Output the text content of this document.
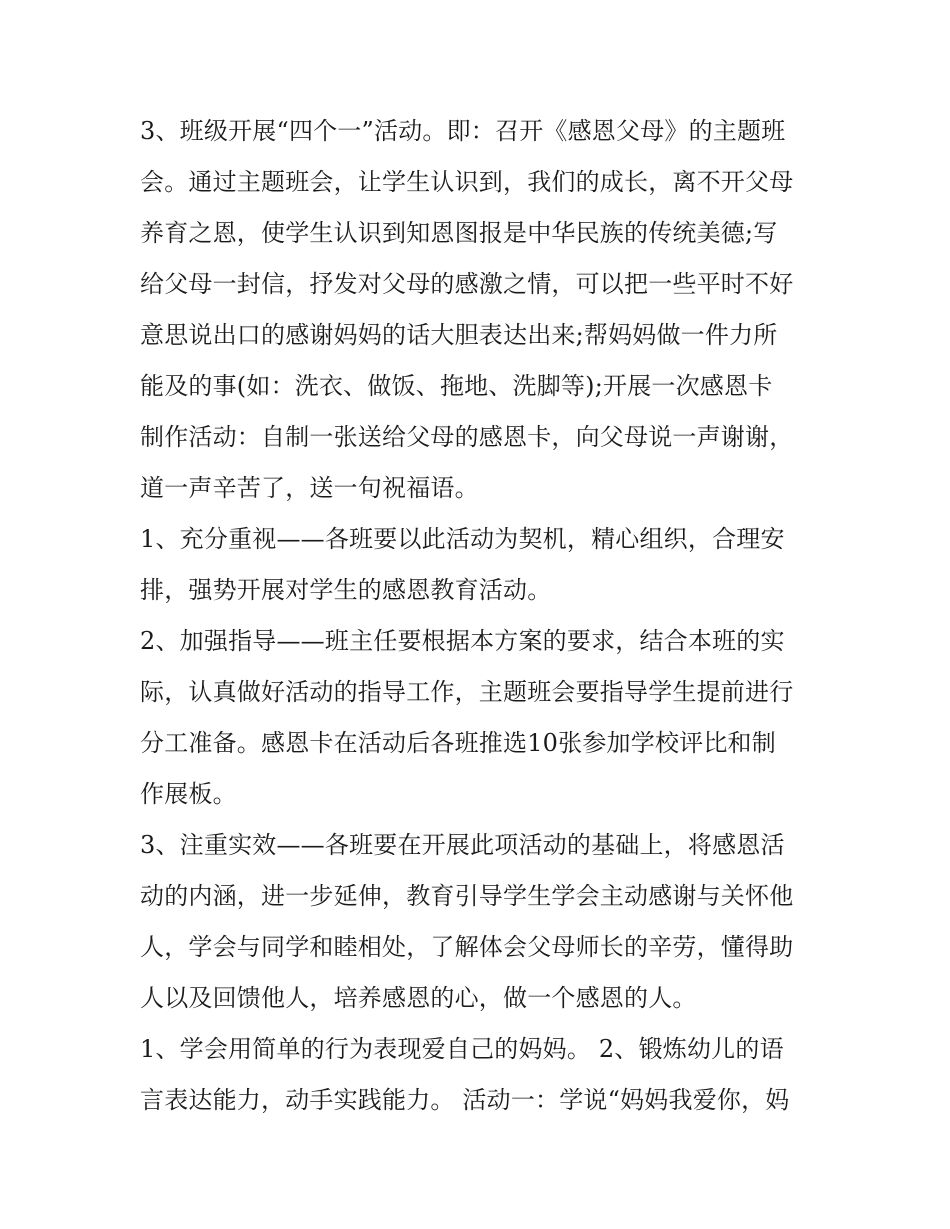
3、班级开展“四个一”活动。即：召开《感恩父母》的主题班
会。通过主题班会，让学生认识到，我们的成长，离不开父母
养育之恩，使学生认识到知恩图报是中华民族的传统美德;写
给父母一封信，抒发对父母的感激之情，可以把一些平时不好
意思说出口的感谢妈妈的话大胆表达出来;帮妈妈做一件力所
能及的事(如：洗衣、做饭、拖地、洗脚等);开展一次感恩卡
制作活动：自制一张送给父母的感恩卡，向父母说一声谢谢，
道一声辛苦了，送一句祝福语。
1、充分重视——各班要以此活动为契机，精心组织，合理安
排，强势开展对学生的感恩教育活动。
2、加强指导——班主任要根据本方案的要求，结合本班的实
际，认真做好活动的指导工作，主题班会要指导学生提前进行
分工准备。感恩卡在活动后各班推选10张参加学校评比和制
作展板。
3、注重实效——各班要在开展此项活动的基础上，将感恩活
动的内涵，进一步延伸，教育引导学生学会主动感谢与关怀他
人，学会与同学和睦相处，了解体会父母师长的辛劳，懂得助
人以及回馈他人，培养感恩的心，做一个感恩的人。
1、学会用简单的行为表现爱自己的妈妈。 2、锻炼幼儿的语
言表达能力，动手实践能力。 活动一：学说“妈妈我爱你，妈
